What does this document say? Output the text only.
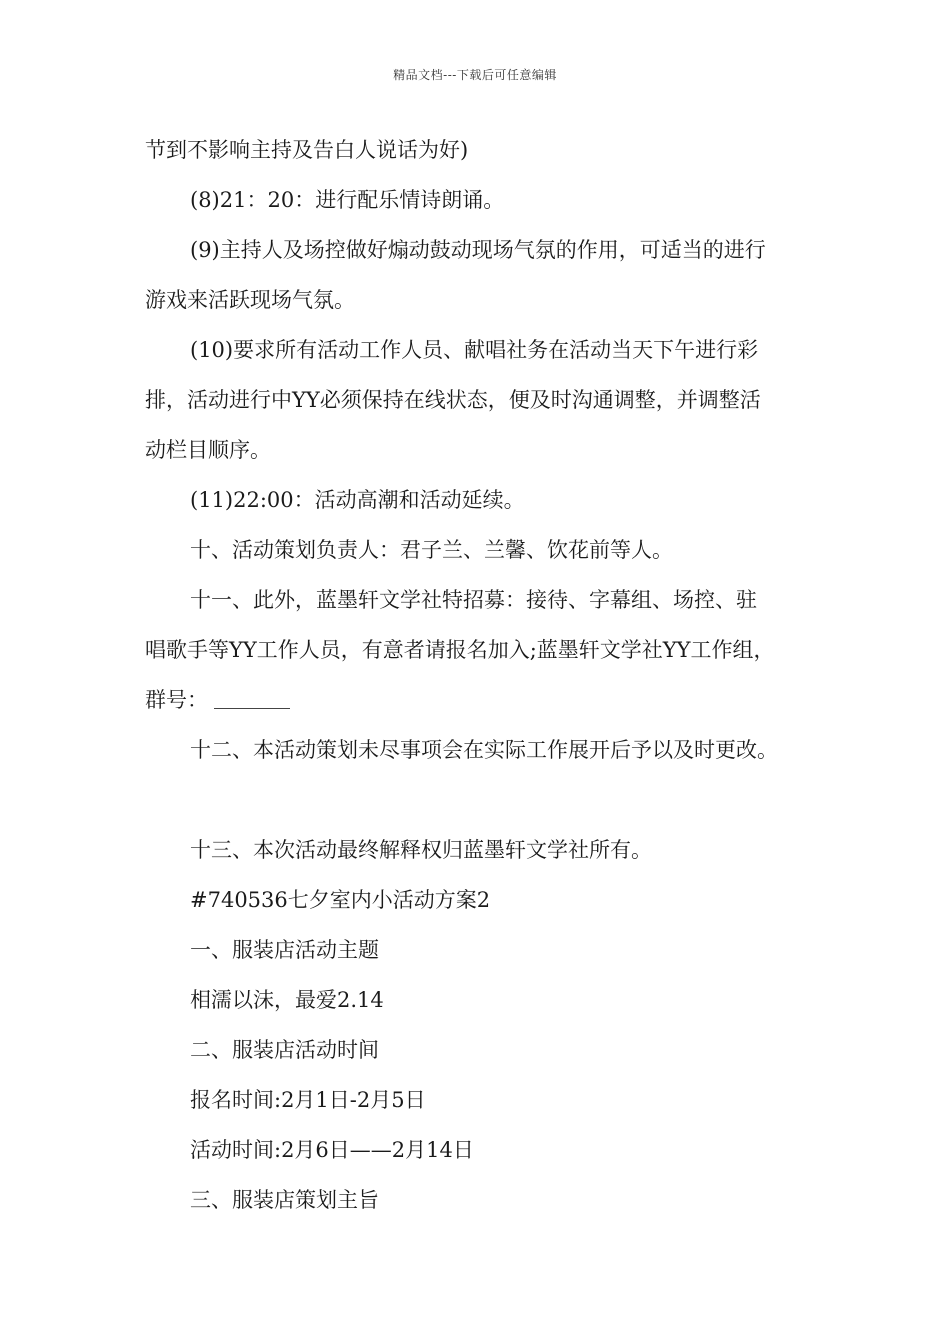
精品文档---下载后可任意编辑
节到不影响主持及告白人说话为好)
(8)21：20：进行配乐情诗朗诵。
(9)主持人及场控做好煽动鼓动现场气氛的作用，可适当的进行
游戏来活跃现场气氛。
(10)要求所有活动工作人员、献唱社务在活动当天下午进行彩
排，活动进行中YY必须保持在线状态，便及时沟通调整，并调整活
动栏目顺序。
(11)22:00：活动高潮和活动延续。
十、活动策划负责人：君子兰、兰馨、饮花前等人。
十一、此外，蓝墨轩文学社特招募：接待、字幕组、场控、驻
唱歌手等YY工作人员，有意者请报名加入;蓝墨轩文学社YY工作组，
群号：
十二、本活动策划未尽事项会在实际工作展开后予以及时更改。
十三、本次活动最终解释权归蓝墨轩文学社所有。
#740536七夕室内小活动方案2
一、服装店活动主题
相濡以沫，最爱2.14
二、服装店活动时间
报名时间:2月1日-2月5日
活动时间:2月6日——2月14日
三、服装店策划主旨
